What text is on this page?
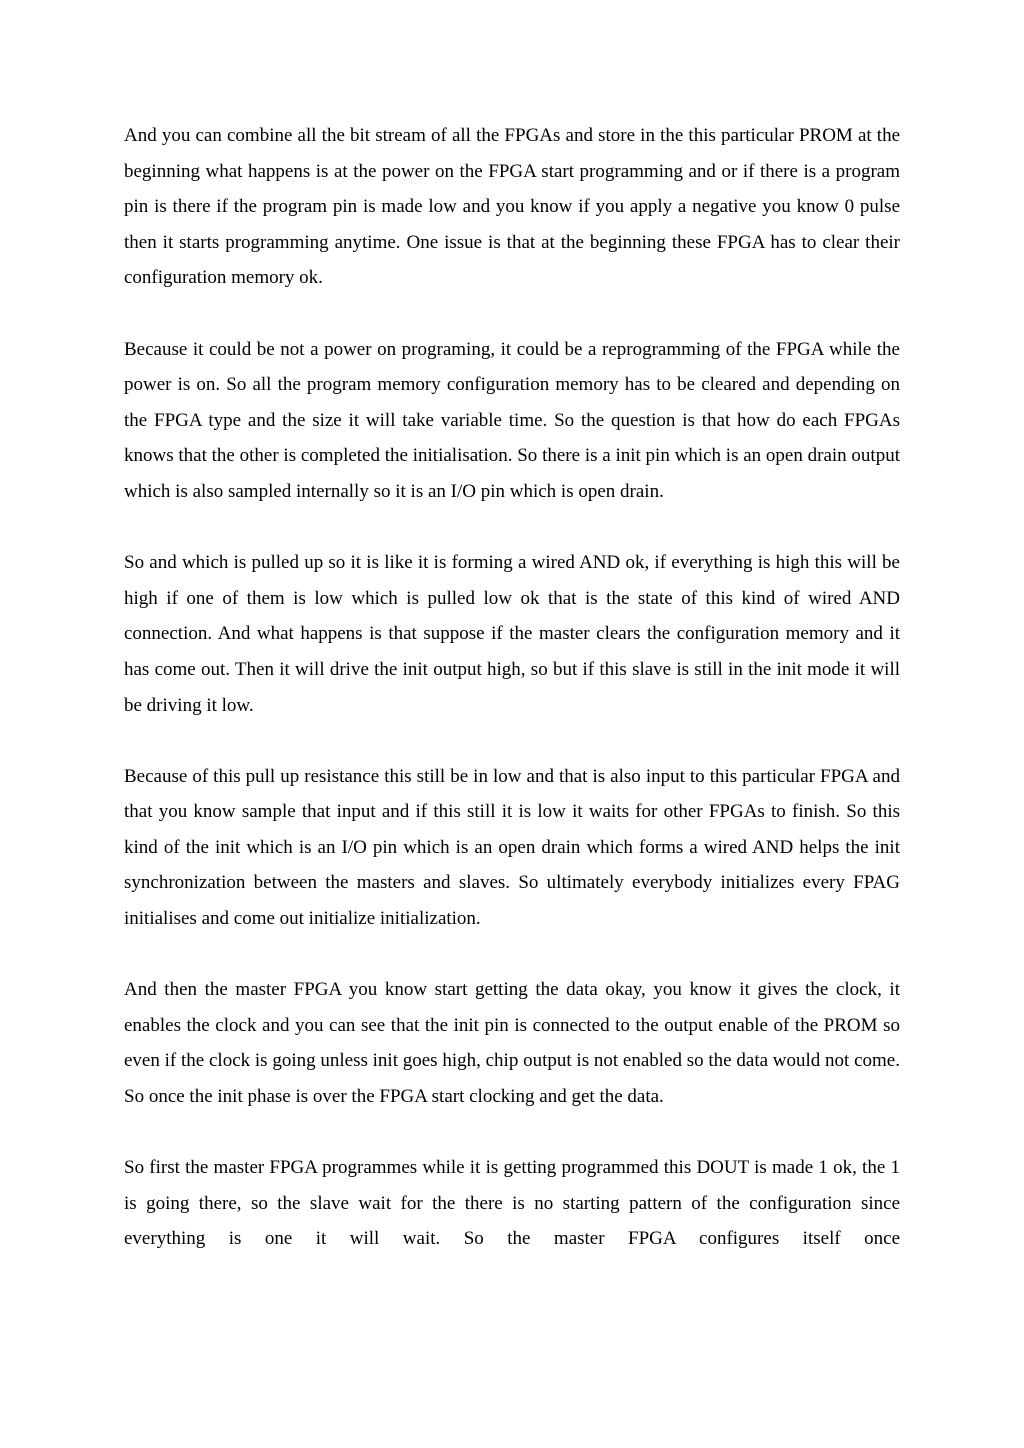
And you can combine all the bit stream of all the FPGAs and store in the this particular PROM at the beginning what happens is at the power on the FPGA start programming and or if there is a program pin is there if the program pin is made low and you know if you apply a negative you know 0 pulse then it starts programming anytime. One issue is that at the beginning these FPGA has to clear their configuration memory ok.

Because it could be not a power on programing, it could be a reprogramming of the FPGA while the power is on. So all the program memory configuration memory has to be cleared and depending on the FPGA type and the size it will take variable time. So the question is that how do each FPGAs knows that the other is completed the initialisation. So there is a init pin which is an open drain output which is also sampled internally so it is an I/O pin which is open drain.

So and which is pulled up so it is like it is forming a wired AND ok, if everything is high this will be high if one of them is low which is pulled low ok that is the state of this kind of wired AND connection. And what happens is that suppose if the master clears the configuration memory and it has come out. Then it will drive the init output high, so but if this slave is still in the init mode it will be driving it low.

Because of this pull up resistance this still be in low and that is also input to this particular FPGA and that you know sample that input and if this still it is low it waits for other FPGAs to finish. So this kind of the init which is an I/O pin which is an open drain which forms a wired AND helps the init synchronization between the masters and slaves. So ultimately everybody initializes every FPAG initialises and come out initialize initialization.

And then the master FPGA you know start getting the data okay, you know it gives the clock, it enables the clock and you can see that the init pin is connected to the output enable of the PROM so even if the clock is going unless init goes high, chip output is not enabled so the data would not come. So once the init phase is over the FPGA start clocking and get the data.

So first the master FPGA programmes while it is getting programmed this DOUT is made 1 ok, the 1 is going there, so the slave wait for the there is no starting pattern of the configuration since everything is one it will wait. So the master FPGA configures itself once
